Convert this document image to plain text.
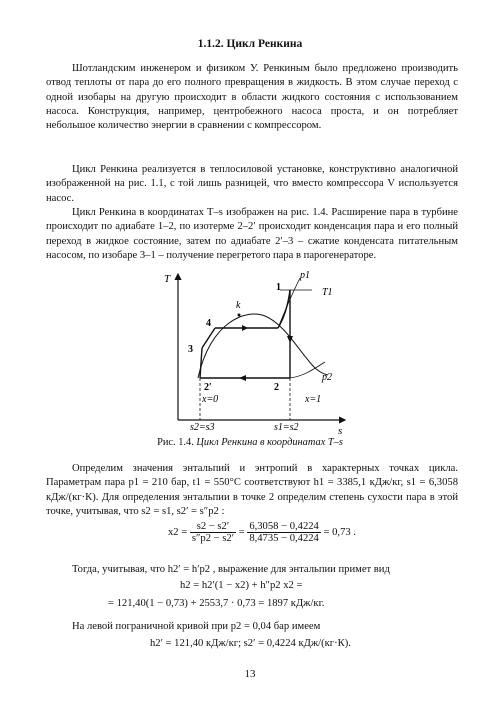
1.1.2. Цикл Ренкина

Шотландским инженером и физиком У. Ренкиным было предложено производить отвод теплоты от пара до его полного превращения в жидкость. В этом случае переход с одной изобары на другую происходит в области жидкого состояния с использованием насоса. Конструкция, например, центробежного насоса проста, и он потребляет небольшое количество энергии в сравнении с компрессором.

Цикл Ренкина реализуется в теплосиловой установке, конструктивно аналогичной изображенной на рис. 1.1, с той лишь разницей, что вместо компрессора V используется насос.

Цикл Ренкина в координатах T–s изображен на рис. 1.4. Расширение пара в турбине происходит по адиабате 1–2, по изотерме 2–2′ происходит конденсация пара и его полный переход в жидкое состояние, затем по адиабате 2′–3 – сжатие конденсата питательным насосом, по изобаре 3–1 – получение перегретого пара в парогенераторе.

T
s
k
p1
T1
p2
1
2
2′
3
4
x=0	x=1
s2=s3	s1=s2
Рис. 1.4. Цикл Ренкина в координатах T–s

Определим значения энтальпий и энтропий в характерных точках цикла. Параметрам пара p1 = 210 бар, t1 = 550°C соответствуют h1 = 3385,1 кДж/кг, s1 = 6,3058 кДж/(кг·К). Для определения энтальпии в точке 2 определим степень сухости пара в этой точке, учитывая, что s2 = s1, s2′ = s″p2 :

$x2 = \frac{s2 - s2'}{s''p2 - s2'} = \frac{6,3058 - 0,4224}{8,4735 - 0,4224} = 0,73$ .

Тогда, учитывая, что h2′ = h′p2 , выражение для энтальпии примет вид

h2 = h2′(1 − x2) + h″p2 x2 =
= 121,40(1 − 0,73) + 2553,7 · 0,73 = 1897 кДж/кг.

На левой пограничной кривой при p2 = 0,04 бар имеем

h2′ = 121,40 кДж/кг; s2′ = 0,4224 кДж/(кг·К).
13
